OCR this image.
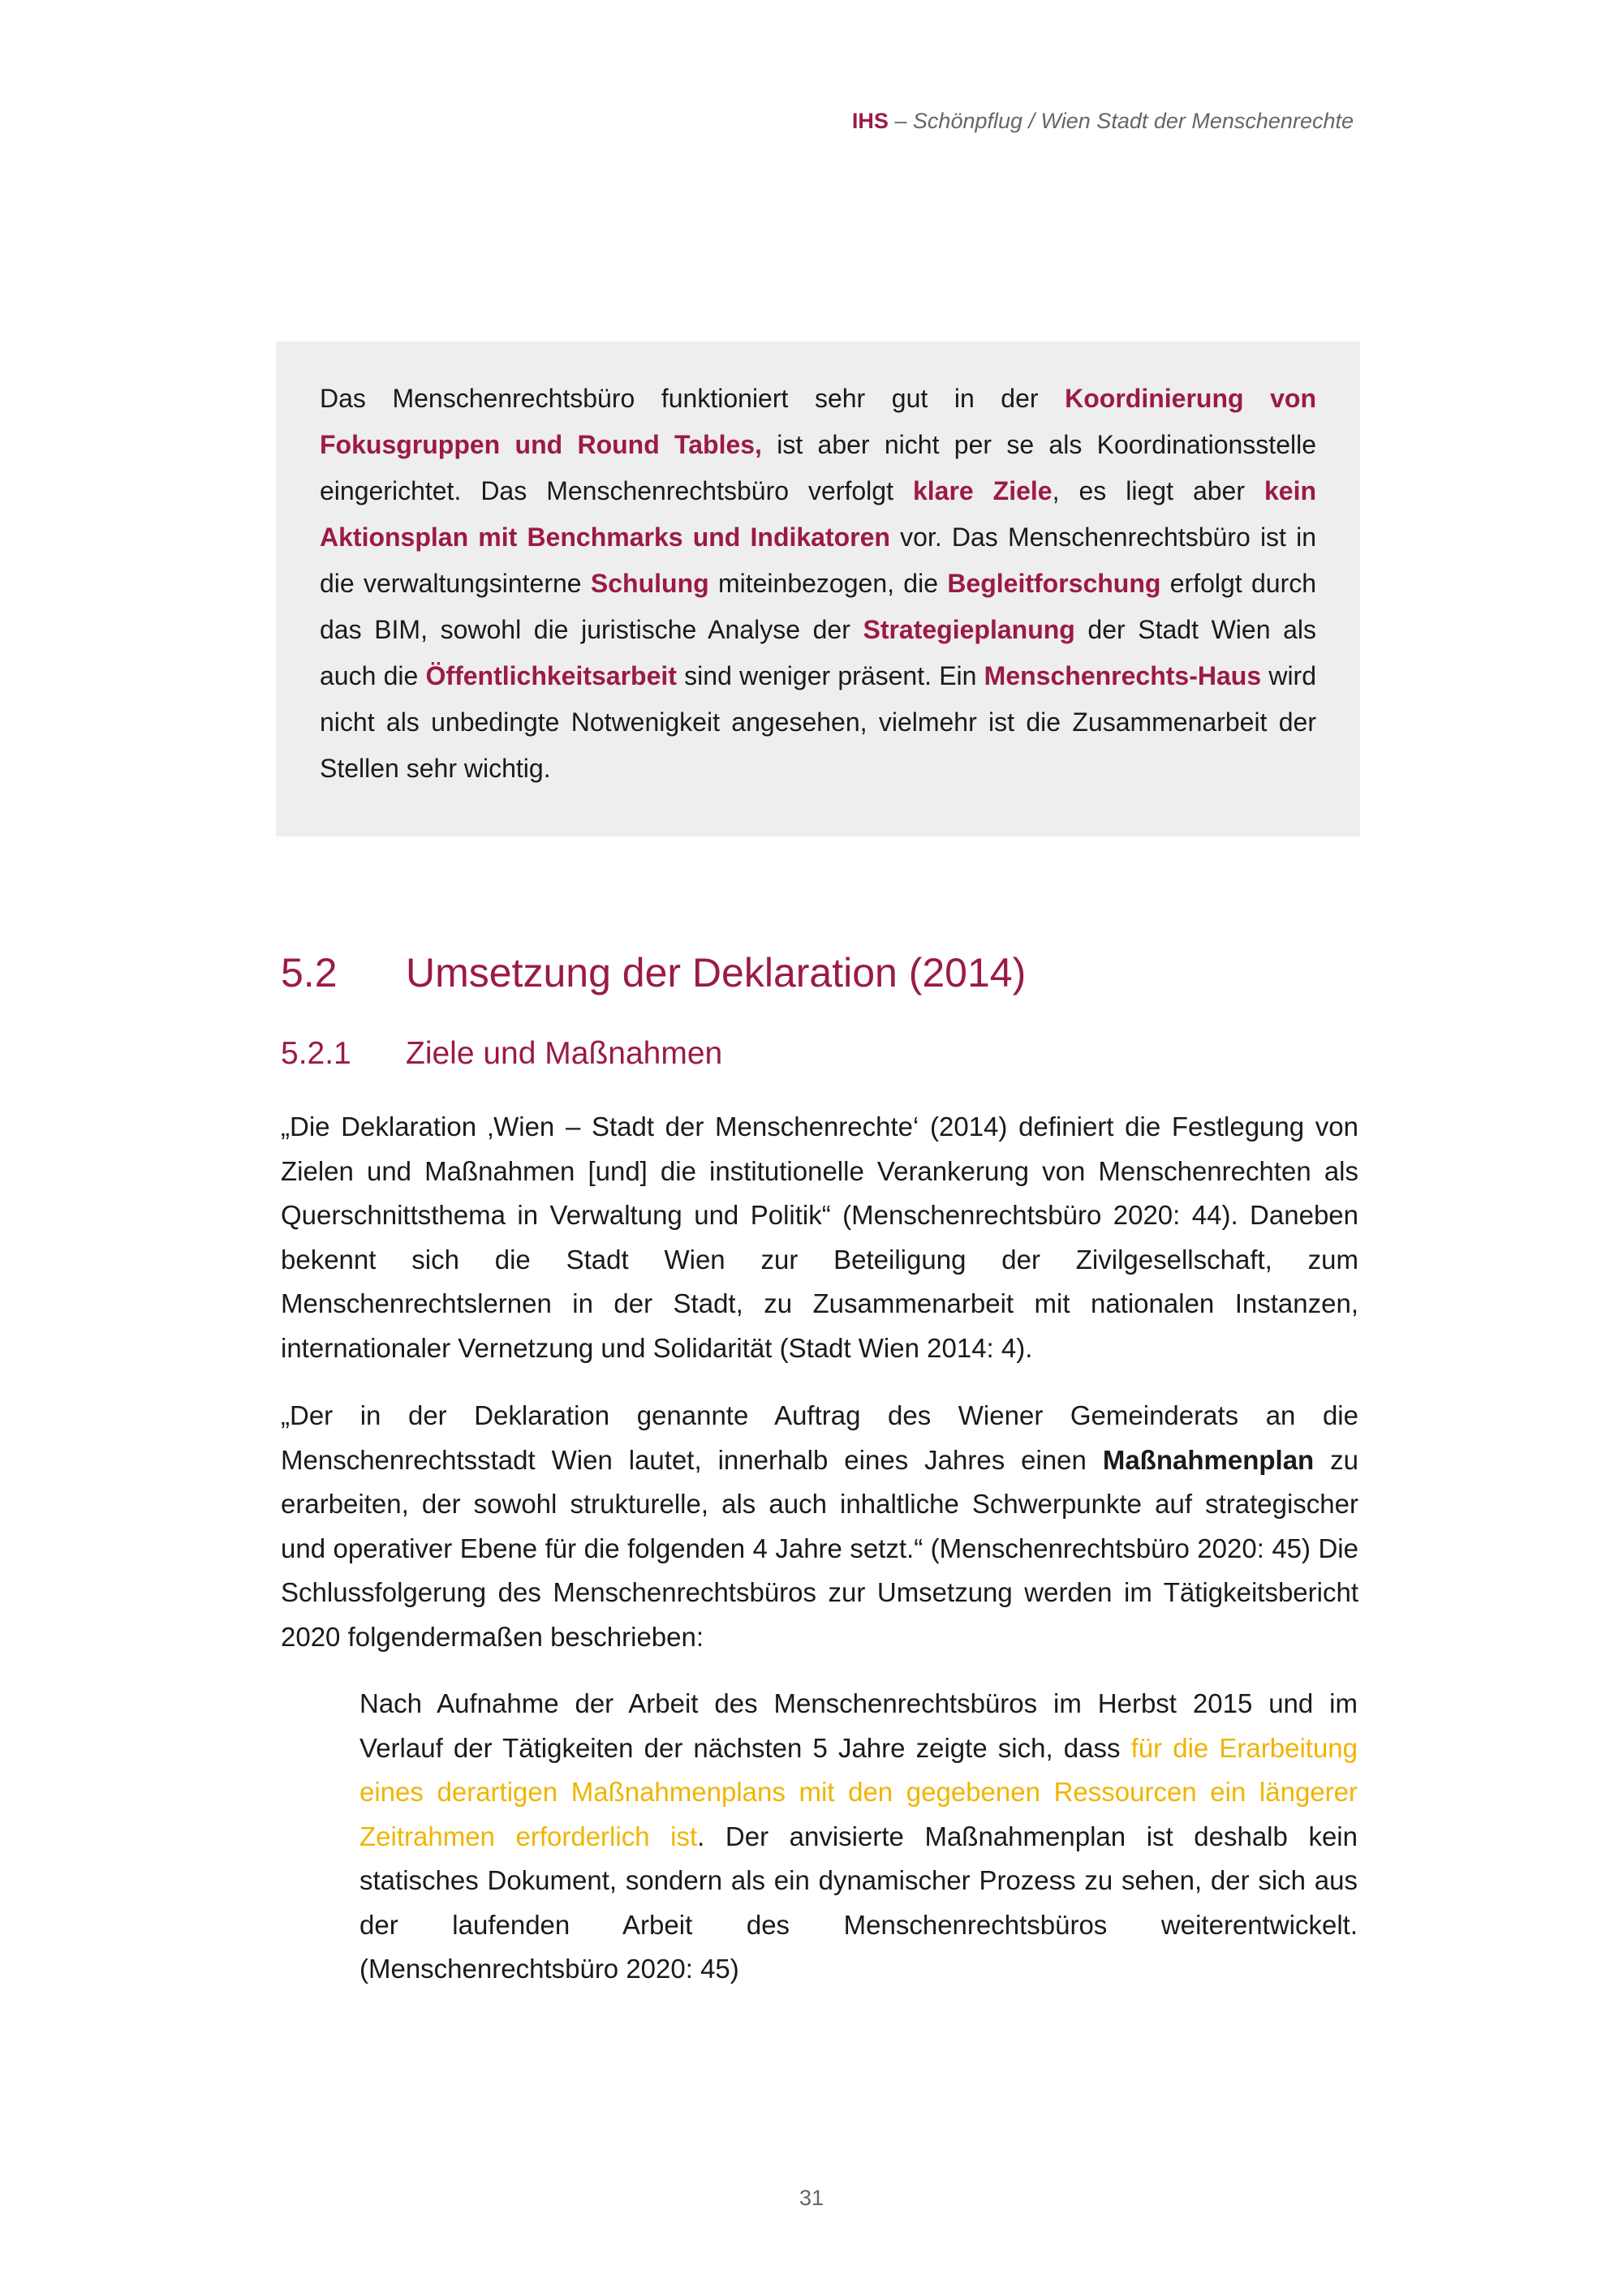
IHS – Schönpflug / Wien Stadt der Menschenrechte

Das Menschenrechtsbüro funktioniert sehr gut in der Koordinierung von Fokusgruppen und Round Tables, ist aber nicht per se als Koordinationsstelle eingerichtet. Das Menschenrechtsbüro verfolgt klare Ziele, es liegt aber kein Aktionsplan mit Benchmarks und Indikatoren vor. Das Menschenrechtsbüro ist in die verwaltungsinterne Schulung miteinbezogen, die Begleitforschung erfolgt durch das BIM, sowohl die juristische Analyse der Strategieplanung der Stadt Wien als auch die Öffentlichkeitsarbeit sind weniger präsent. Ein Menschenrechts-Haus wird nicht als unbedingte Notwenigkeit angesehen, vielmehr ist die Zusammenarbeit der Stellen sehr wichtig.

5.2 Umsetzung der Deklaration (2014)
5.2.1 Ziele und Maßnahmen

„Die Deklaration ‚Wien – Stadt der Menschenrechte‘ (2014) definiert die Festlegung von Zielen und Maßnahmen [und] die institutionelle Verankerung von Menschenrechten als Querschnittsthema in Verwaltung und Politik“ (Menschenrechtsbüro 2020: 44). Daneben bekennt sich die Stadt Wien zur Beteiligung der Zivilgesellschaft, zum Menschenrechtslernen in der Stadt, zu Zusammenarbeit mit nationalen Instanzen, internationaler Vernetzung und Solidarität (Stadt Wien 2014: 4).

„Der in der Deklaration genannte Auftrag des Wiener Gemeinderats an die Menschenrechtsstadt Wien lautet, innerhalb eines Jahres einen Maßnahmenplan zu erarbeiten, der sowohl strukturelle, als auch inhaltliche Schwerpunkte auf strategischer und operativer Ebene für die folgenden 4 Jahre setzt.“ (Menschenrechtsbüro 2020: 45) Die Schlussfolgerung des Menschenrechtsbüros zur Umsetzung werden im Tätigkeitsbericht 2020 folgendermaßen beschrieben:

Nach Aufnahme der Arbeit des Menschenrechtsbüros im Herbst 2015 und im Verlauf der Tätigkeiten der nächsten 5 Jahre zeigte sich, dass für die Erarbeitung eines derartigen Maßnahmenplans mit den gegebenen Ressourcen ein längerer Zeitrahmen erforderlich ist. Der anvisierte Maßnahmenplan ist deshalb kein statisches Dokument, sondern als ein dynamischer Prozess zu sehen, der sich aus der laufenden Arbeit des Menschenrechtsbüros weiterentwickelt. (Menschenrechtsbüro 2020: 45)

31
